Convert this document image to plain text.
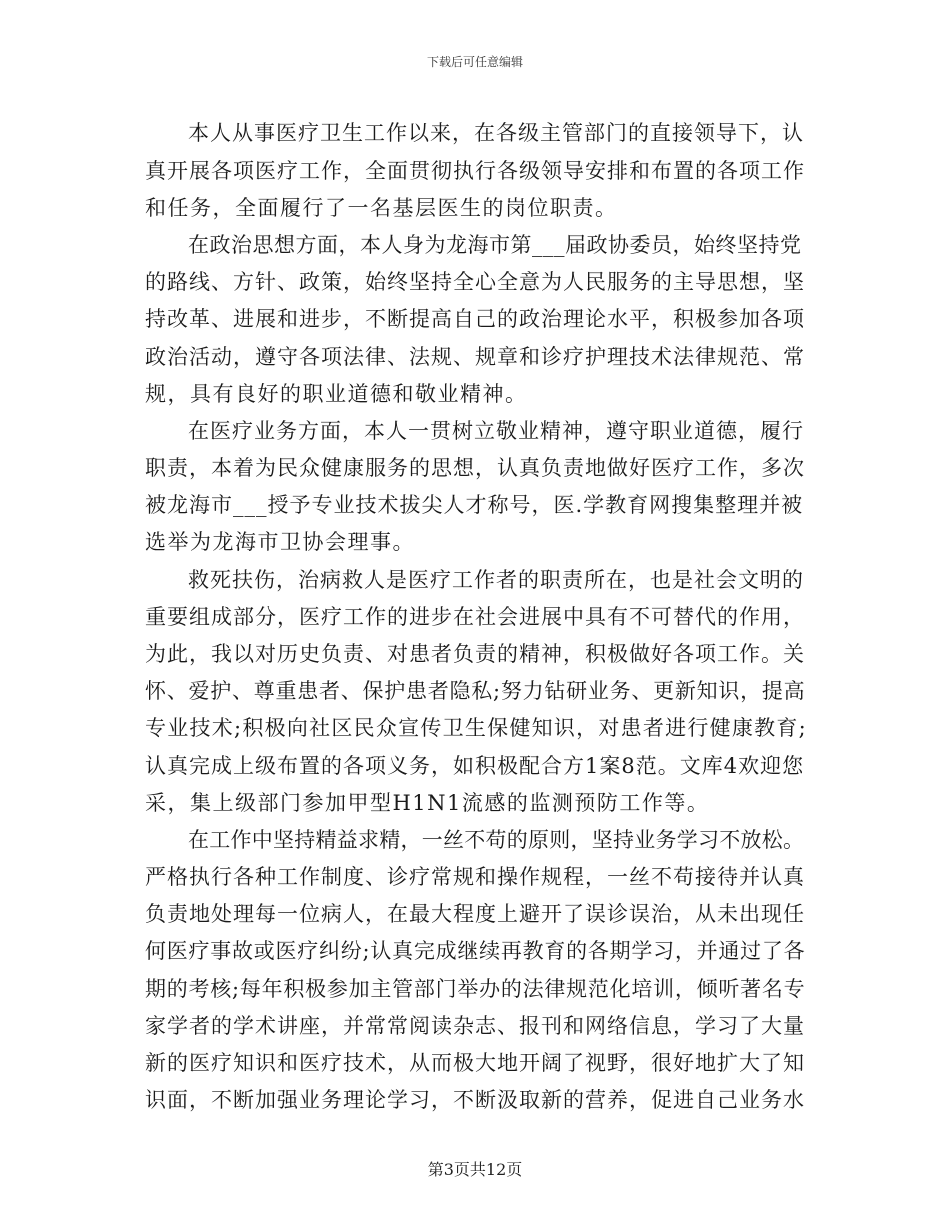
下载后可任意编辑
本人从事医疗卫生工作以来，在各级主管部门的直接领导下，认
真开展各项医疗工作，全面贯彻执行各级领导安排和布置的各项工作
和任务，全面履行了一名基层医生的岗位职责。
在政治思想方面，本人身为龙海市第___届政协委员，始终坚持党
的路线、方针、政策，始终坚持全心全意为人民服务的主导思想，坚
持改革、进展和进步，不断提高自己的政治理论水平，积极参加各项
政治活动，遵守各项法律、法规、规章和诊疗护理技术法律规范、常
规，具有良好的职业道德和敬业精神。
在医疗业务方面，本人一贯树立敬业精神，遵守职业道德，履行
职责，本着为民众健康服务的思想，认真负责地做好医疗工作，多次
被龙海市___授予专业技术拔尖人才称号，医.学教育网搜集整理并被
选举为龙海市卫协会理事。
救死扶伤，治病救人是医疗工作者的职责所在，也是社会文明的
重要组成部分，医疗工作的进步在社会进展中具有不可替代的作用，
为此，我以对历史负责、对患者负责的精神，积极做好各项工作。关
怀、爱护、尊重患者、保护患者隐私;努力钻研业务、更新知识，提高
专业技术;积极向社区民众宣传卫生保健知识，对患者进行健康教育;
认真完成上级布置的各项义务，如积极配合方1案8范。文库4欢迎您
采，集上级部门参加甲型H1N1流感的监测预防工作等。
在工作中坚持精益求精，一丝不苟的原则，坚持业务学习不放松。
严格执行各种工作制度、诊疗常规和操作规程，一丝不苟接待并认真
负责地处理每一位病人，在最大程度上避开了误诊误治，从未出现任
何医疗事故或医疗纠纷;认真完成继续再教育的各期学习，并通过了各
期的考核;每年积极参加主管部门举办的法律规范化培训，倾听著名专
家学者的学术讲座，并常常阅读杂志、报刊和网络信息，学习了大量
新的医疗知识和医疗技术，从而极大地开阔了视野，很好地扩大了知
识面，不断加强业务理论学习，不断汲取新的营养，促进自己业务水
第3页共12页
